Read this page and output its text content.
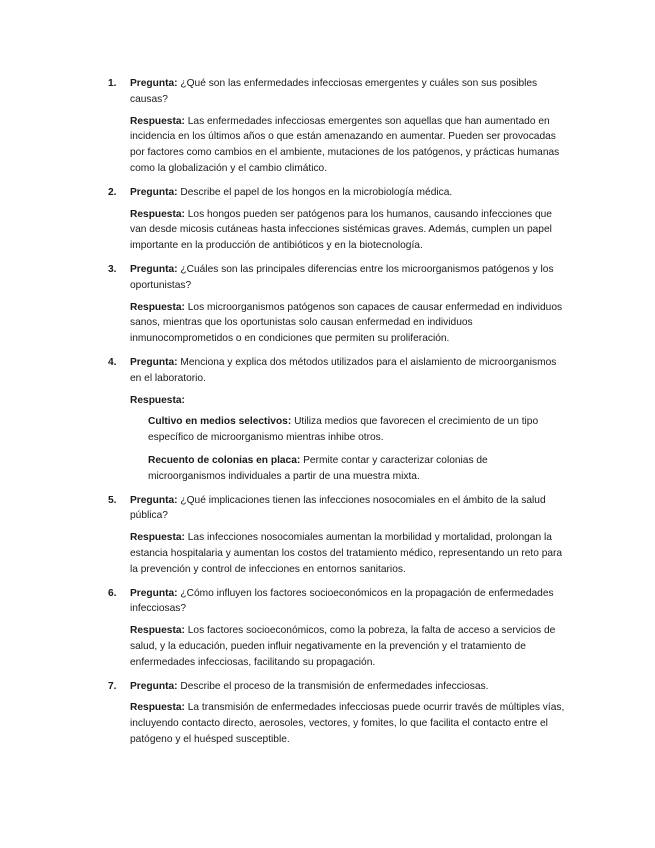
1. Pregunta: ¿Qué son las enfermedades infecciosas emergentes y cuáles son sus posibles causas?
Respuesta: Las enfermedades infecciosas emergentes son aquellas que han aumentado en incidencia en los últimos años o que están amenazando en aumentar. Pueden ser provocadas por factores como cambios en el ambiente, mutaciones de los patógenos, y prácticas humanas como la globalización y el cambio climático.
2. Pregunta: Describe el papel de los hongos en la microbiología médica.
Respuesta: Los hongos pueden ser patógenos para los humanos, causando infecciones que van desde micosis cutáneas hasta infecciones sistémicas graves. Además, cumplen un papel importante en la producción de antibióticos y en la biotecnología.
3. Pregunta: ¿Cuáles son las principales diferencias entre los microorganismos patógenos y los oportunistas?
Respuesta: Los microorganismos patógenos son capaces de causar enfermedad en individuos sanos, mientras que los oportunistas solo causan enfermedad en individuos inmunocomprometidos o en condiciones que permiten su proliferación.
4. Pregunta: Menciona y explica dos métodos utilizados para el aislamiento de microorganismos en el laboratorio.
Respuesta:
Cultivo en medios selectivos: Utiliza medios que favorecen el crecimiento de un tipo específico de microorganismo mientras inhibe otros.
Recuento de colonias en placa: Permite contar y caracterizar colonias de microorganismos individuales a partir de una muestra mixta.
5. Pregunta: ¿Qué implicaciones tienen las infecciones nosocomiales en el ámbito de la salud pública?
Respuesta: Las infecciones nosocomiales aumentan la morbilidad y mortalidad, prolongan la estancia hospitalaria y aumentan los costos del tratamiento médico, representando un reto para la prevención y control de infecciones en entornos sanitarios.
6. Pregunta: ¿Cómo influyen los factores socioeconómicos en la propagación de enfermedades infecciosas?
Respuesta: Los factores socioeconómicos, como la pobreza, la falta de acceso a servicios de salud, y la educación, pueden influir negativamente en la prevención y el tratamiento de enfermedades infecciosas, facilitando su propagación.
7. Pregunta: Describe el proceso de la transmisión de enfermedades infecciosas.
Respuesta: La transmisión de enfermedades infecciosas puede ocurrir través de múltiples vías, incluyendo contacto directo, aerosoles, vectores, y fomites, lo que facilita el contacto entre el patógeno y el huésped susceptible.
